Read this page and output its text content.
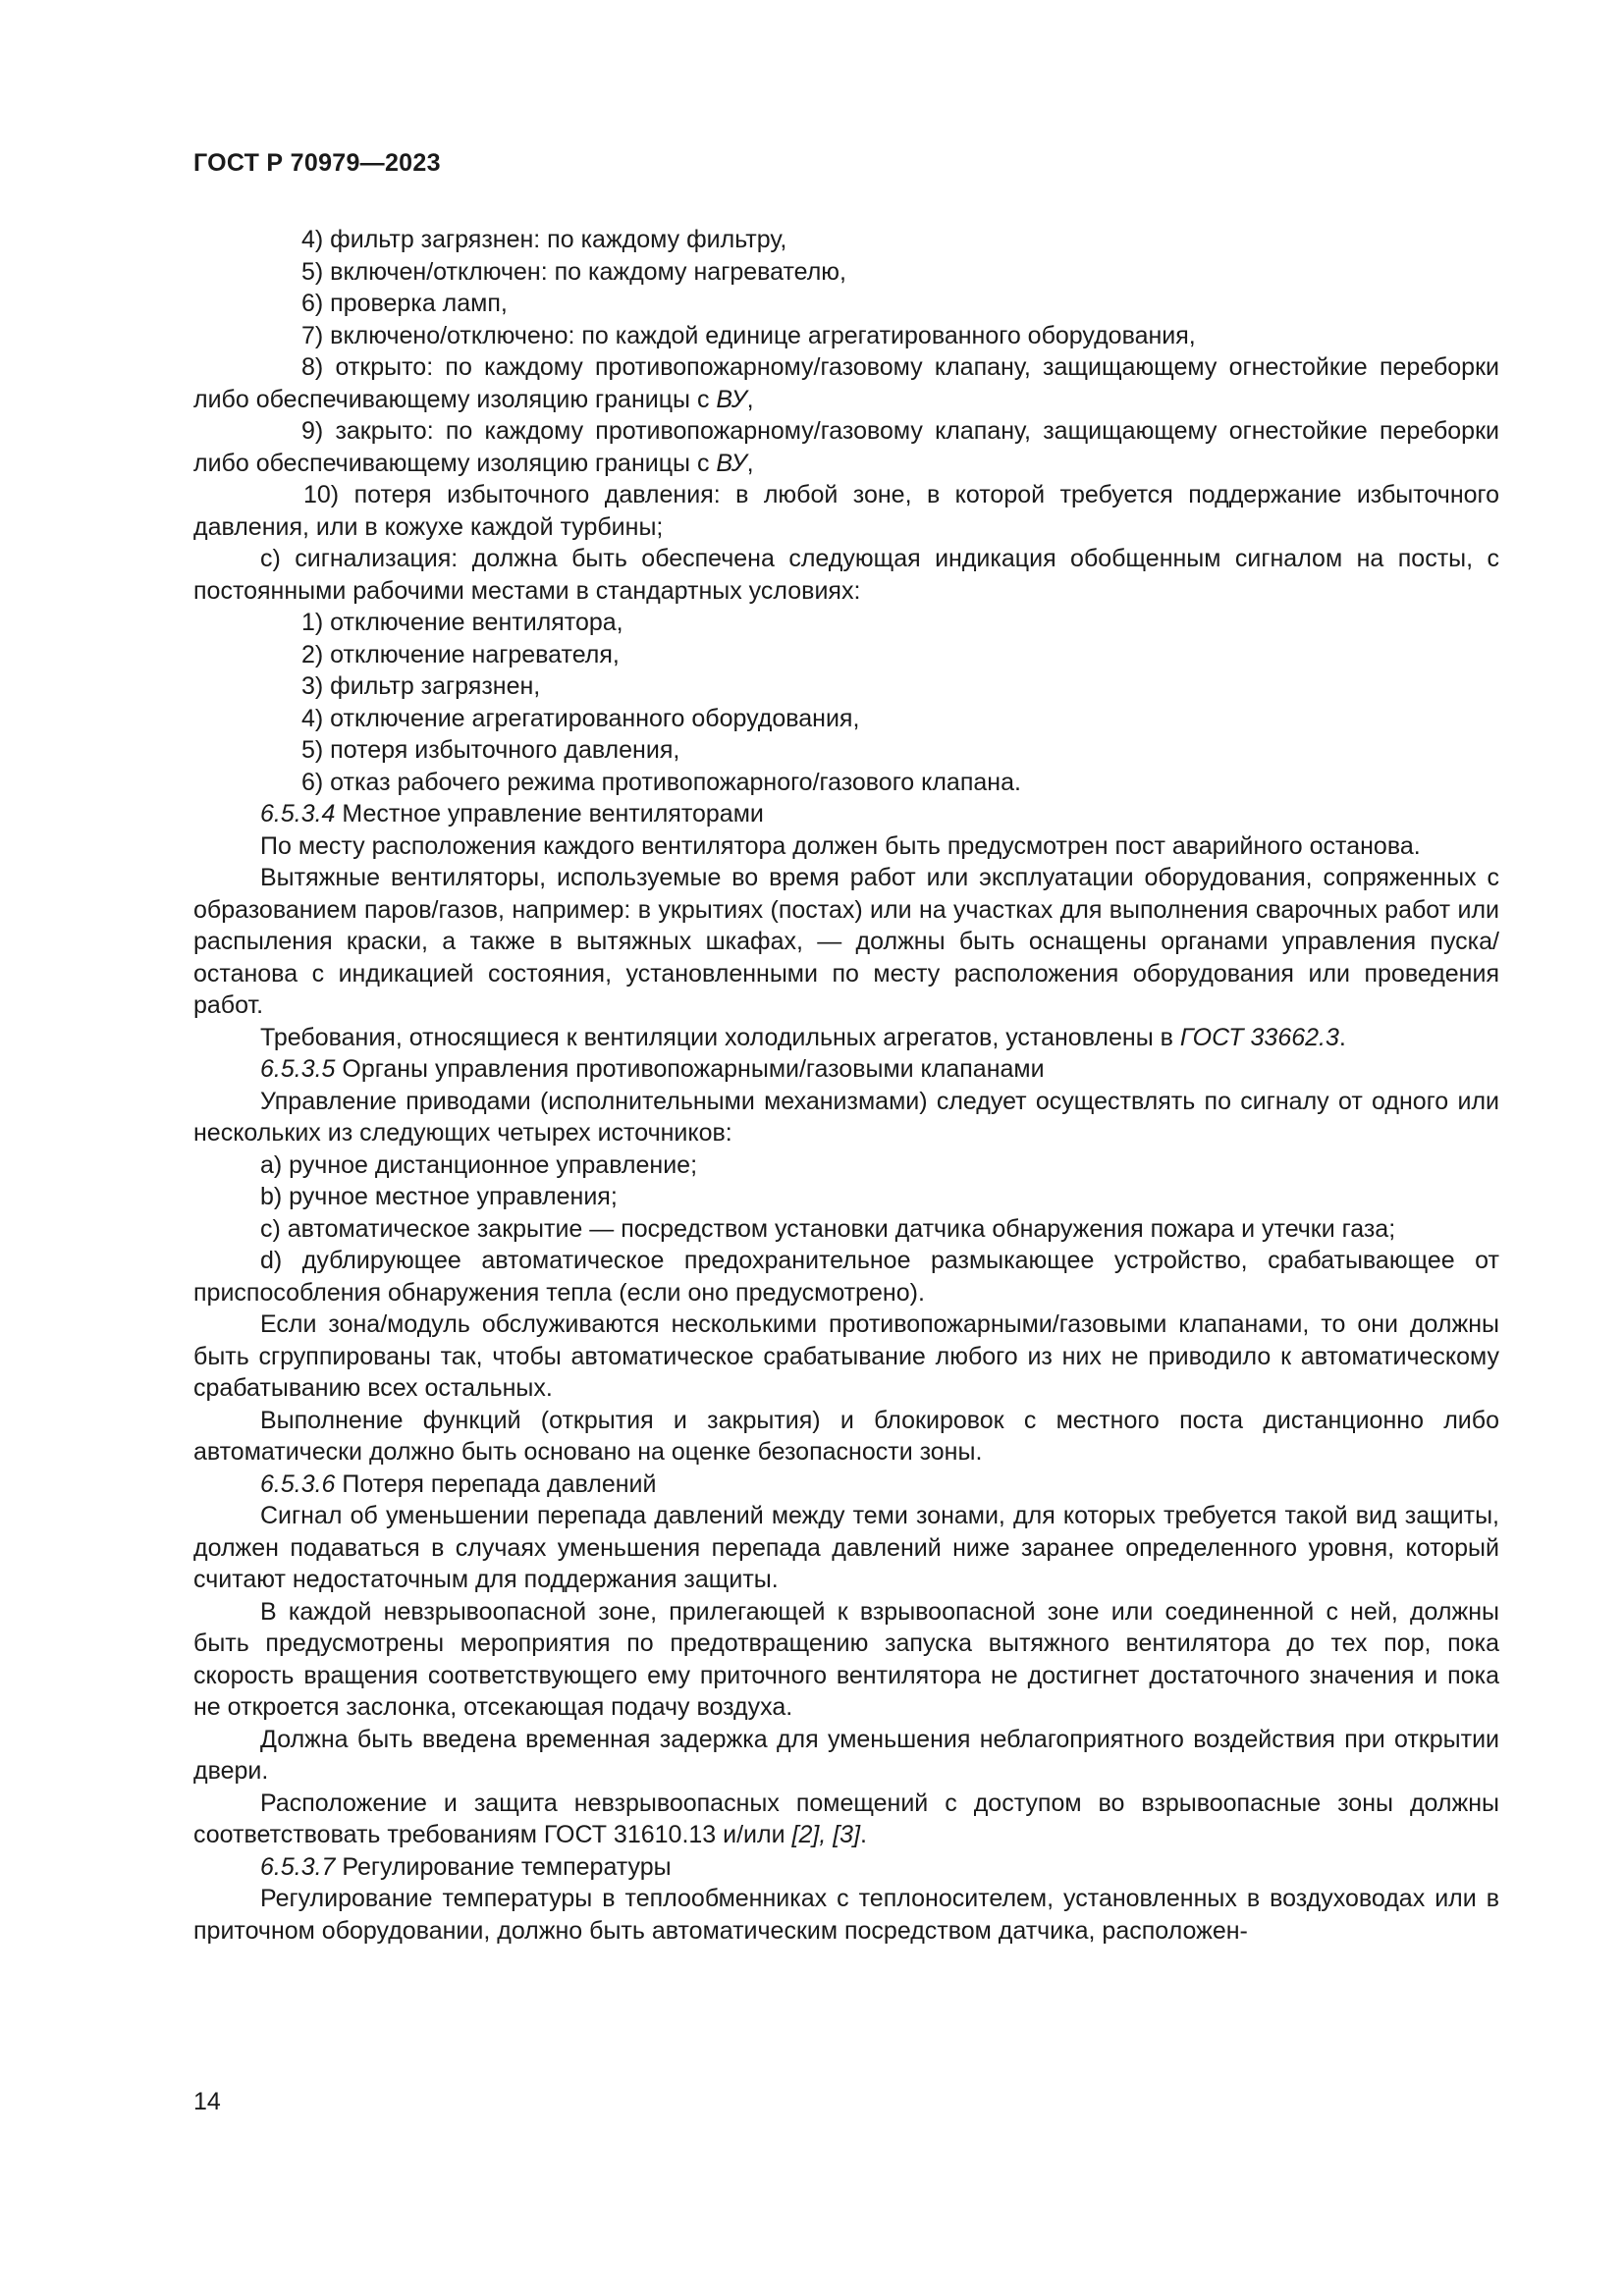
ГОСТ Р 70979—2023

4) фильтр загрязнен: по каждому фильтру,

5) включен/отключен: по каждому нагревателю,

6) проверка ламп,

7) включено/отключено: по каждой единице агрегатированного оборудования,

8) открыто: по каждому противопожарному/газовому клапану, защищающему огнестойкие переборки либо обеспечивающему изоляцию границы с ВУ,

9) закрыто: по каждому противопожарному/газовому клапану, защищающему огнестойкие переборки либо обеспечивающему изоляцию границы с ВУ,

10) потеря избыточного давления: в любой зоне, в которой требуется поддержание избыточного давления, или в кожухе каждой турбины;

с) сигнализация: должна быть обеспечена следующая индикация обобщенным сигналом на посты, с постоянными рабочими местами в стандартных условиях:

1) отключение вентилятора,

2) отключение нагревателя,

3) фильтр загрязнен,

4) отключение агрегатированного оборудования,

5) потеря избыточного давления,

6) отказ рабочего режима противопожарного/газового клапана.

6.5.3.4 Местное управление вентиляторами

По месту расположения каждого вентилятора должен быть предусмотрен пост аварийного останова.

Вытяжные вентиляторы, используемые во время работ или эксплуатации оборудования, сопряженных с образованием паров/газов, например: в укрытиях (постах) или на участках для выполнения сварочных работ или распыления краски, а также в вытяжных шкафах, — должны быть оснащены органами управления пуска/останова с индикацией состояния, установленными по месту расположения оборудования или проведения работ.

Требования, относящиеся к вентиляции холодильных агрегатов, установлены в ГОСТ 33662.3.

6.5.3.5 Органы управления противопожарными/газовыми клапанами

Управление приводами (исполнительными механизмами) следует осуществлять по сигналу от одного или нескольких из следующих четырех источников:

а) ручное дистанционное управление;

b) ручное местное управления;

с) автоматическое закрытие — посредством установки датчика обнаружения пожара и утечки газа;

d) дублирующее автоматическое предохранительное размыкающее устройство, срабатывающее от приспособления обнаружения тепла (если оно предусмотрено).

Если зона/модуль обслуживаются несколькими противопожарными/газовыми клапанами, то они должны быть сгруппированы так, чтобы автоматическое срабатывание любого из них не приводило к автоматическому срабатыванию всех остальных.

Выполнение функций (открытия и закрытия) и блокировок с местного поста дистанционно либо автоматически должно быть основано на оценке безопасности зоны.

6.5.3.6 Потеря перепада давлений

Сигнал об уменьшении перепада давлений между теми зонами, для которых требуется такой вид защиты, должен подаваться в случаях уменьшения перепада давлений ниже заранее определенного уровня, который считают недостаточным для поддержания защиты.

В каждой невзрывоопасной зоне, прилегающей к взрывоопасной зоне или соединенной с ней, должны быть предусмотрены мероприятия по предотвращению запуска вытяжного вентилятора до тех пор, пока скорость вращения соответствующего ему приточного вентилятора не достигнет достаточного значения и пока не откроется заслонка, отсекающая подачу воздуха.

Должна быть введена временная задержка для уменьшения неблагоприятного воздействия при открытии двери.

Расположение и защита невзрывоопасных помещений с доступом во взрывоопасные зоны должны соответствовать требованиям ГОСТ 31610.13 и/или [2], [3].

6.5.3.7 Регулирование температуры

Регулирование температуры в теплообменниках с теплоносителем, установленных в воздуховодах или в приточном оборудовании, должно быть автоматическим посредством датчика, расположен-

14
